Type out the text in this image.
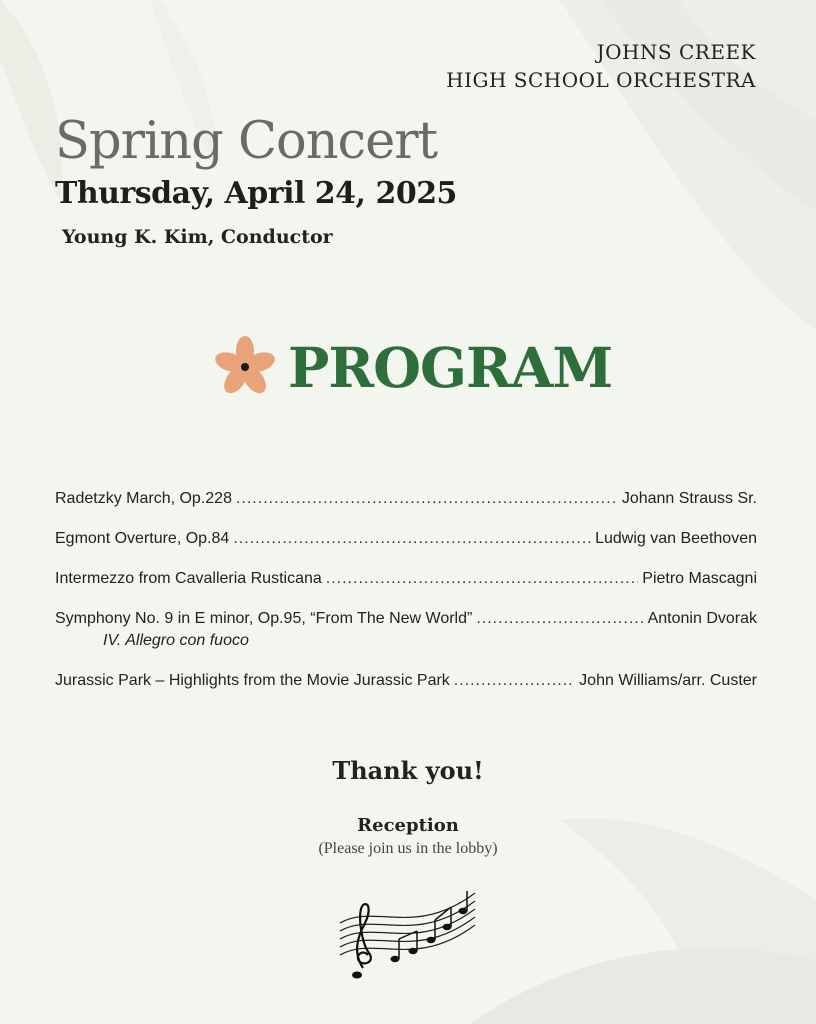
JOHNS CREEK
HIGH SCHOOL ORCHESTRA
Spring Concert
Thursday, April 24, 2025
Young K. Kim, Conductor
PROGRAM
Radetzky March, Op.228 .....	Johann Strauss Sr.
Egmont Overture, Op.84 .....	Ludwig van Beethoven
Intermezzo from Cavalleria Rusticana .....	Pietro Mascagni
Symphony No. 9 in E minor, Op.95, “From The New World” .....	Antonin Dvorak
IV. Allegro con fuoco
Jurassic Park – Highlights from the Movie Jurassic Park .....	John Williams/arr. Custer
Thank you!
Reception
(Please join us in the lobby)
